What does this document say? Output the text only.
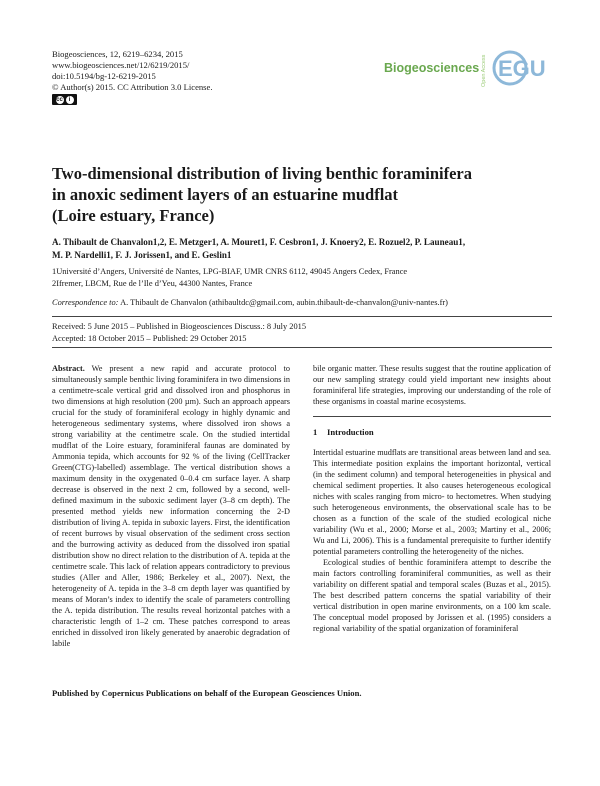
Biogeosciences, 12, 6219–6234, 2015
www.biogeosciences.net/12/6219/2015/
doi:10.5194/bg-12-6219-2015
© Author(s) 2015. CC Attribution 3.0 License.
cc i
Biogeosciences Open Access EGU
Two-dimensional distribution of living benthic foraminifera
in anoxic sediment layers of an estuarine mudflat
(Loire estuary, France)
A. Thibault de Chanvalon1,2, E. Metzger1, A. Mouret1, F. Cesbron1, J. Knoery2, E. Rozuel2, P. Launeau1,
M. P. Nardelli1, F. J. Jorissen1, and E. Geslin1
1Université d’Angers, Université de Nantes, LPG-BIAF, UMR CNRS 6112, 49045 Angers Cedex, France
2Ifremer, LBCM, Rue de l’Ile d’Yeu, 44300 Nantes, France
Correspondence to: A. Thibault de Chanvalon (athibaultdc@gmail.com, aubin.thibault-de-chanvalon@univ-nantes.fr)
Received: 5 June 2015 – Published in Biogeosciences Discuss.: 8 July 2015
Accepted: 18 October 2015 – Published: 29 October 2015

Abstract. We present a new rapid and accurate protocol to simultaneously sample benthic living foraminifera in two dimensions in a centimetre-scale vertical grid and dissolved iron and phosphorus in two dimensions at high resolution (200 µm). Such an approach appears crucial for the study of foraminiferal ecology in highly dynamic and heterogeneous sedimentary systems, where dissolved iron shows a strong variability at the centimetre scale. On the studied intertidal mudflat of the Loire estuary, foraminiferal faunas are dominated by Ammonia tepida, which accounts for 92 % of the living (CellTracker Green(CTG)-labelled) assemblage. The vertical distribution shows a maximum density in the oxygenated 0–0.4 cm surface layer. A sharp decrease is observed in the next 2 cm, followed by a second, well-defined maximum in the suboxic sediment layer (3–8 cm depth). The presented method yields new information concerning the 2-D distribution of living A. tepida in suboxic layers. First, the identification of recent burrows by visual observation of the sediment cross section and the burrowing activity as deduced from the dissolved iron spatial distribution show no direct relation to the distribution of A. tepida at the centimetre scale. This lack of relation appears contradictory to previous studies (Aller and Aller, 1986; Berkeley et al., 2007). Next, the heterogeneity of A. tepida in the 3–8 cm depth layer was quantified by means of Moran’s index to identify the scale of parameters controlling the A. tepida distribution. The results reveal horizontal patches with a characteristic length of 1–2 cm. These patches correspond to areas enriched in dissolved iron likely generated by anaerobic degradation of labile

bile organic matter. These results suggest that the routine application of our new sampling strategy could yield important new insights about foraminiferal life strategies, improving our understanding of the role of these organisms in coastal marine ecosystems.

1 Introduction

Intertidal estuarine mudflats are transitional areas between land and sea. This intermediate position explains the important horizontal, vertical (in the sediment column) and temporal heterogeneities in physical and chemical sediment properties. It also causes heterogeneous ecological niches with scales ranging from micro- to hectometres. When studying such heterogeneous environments, the observational scale has to be chosen as a function of the scale of the studied ecological niche variability (Wu et al., 2000; Morse et al., 2003; Martiny et al., 2006; Wu and Li, 2006). This is a fundamental prerequisite to further identify potential parameters controlling the heterogeneity of the niches.

Ecological studies of benthic foraminifera attempt to describe the main factors controlling foraminiferal communities, as well as their variability on different spatial and temporal scales (Buzas et al., 2015). The best described pattern concerns the spatial variability of their vertical distribution in open marine environments, on a 100 km scale. The conceptual model proposed by Jorissen et al. (1995) considers a regional variability of the spatial organization of foraminiferal

Published by Copernicus Publications on behalf of the European Geosciences Union.
